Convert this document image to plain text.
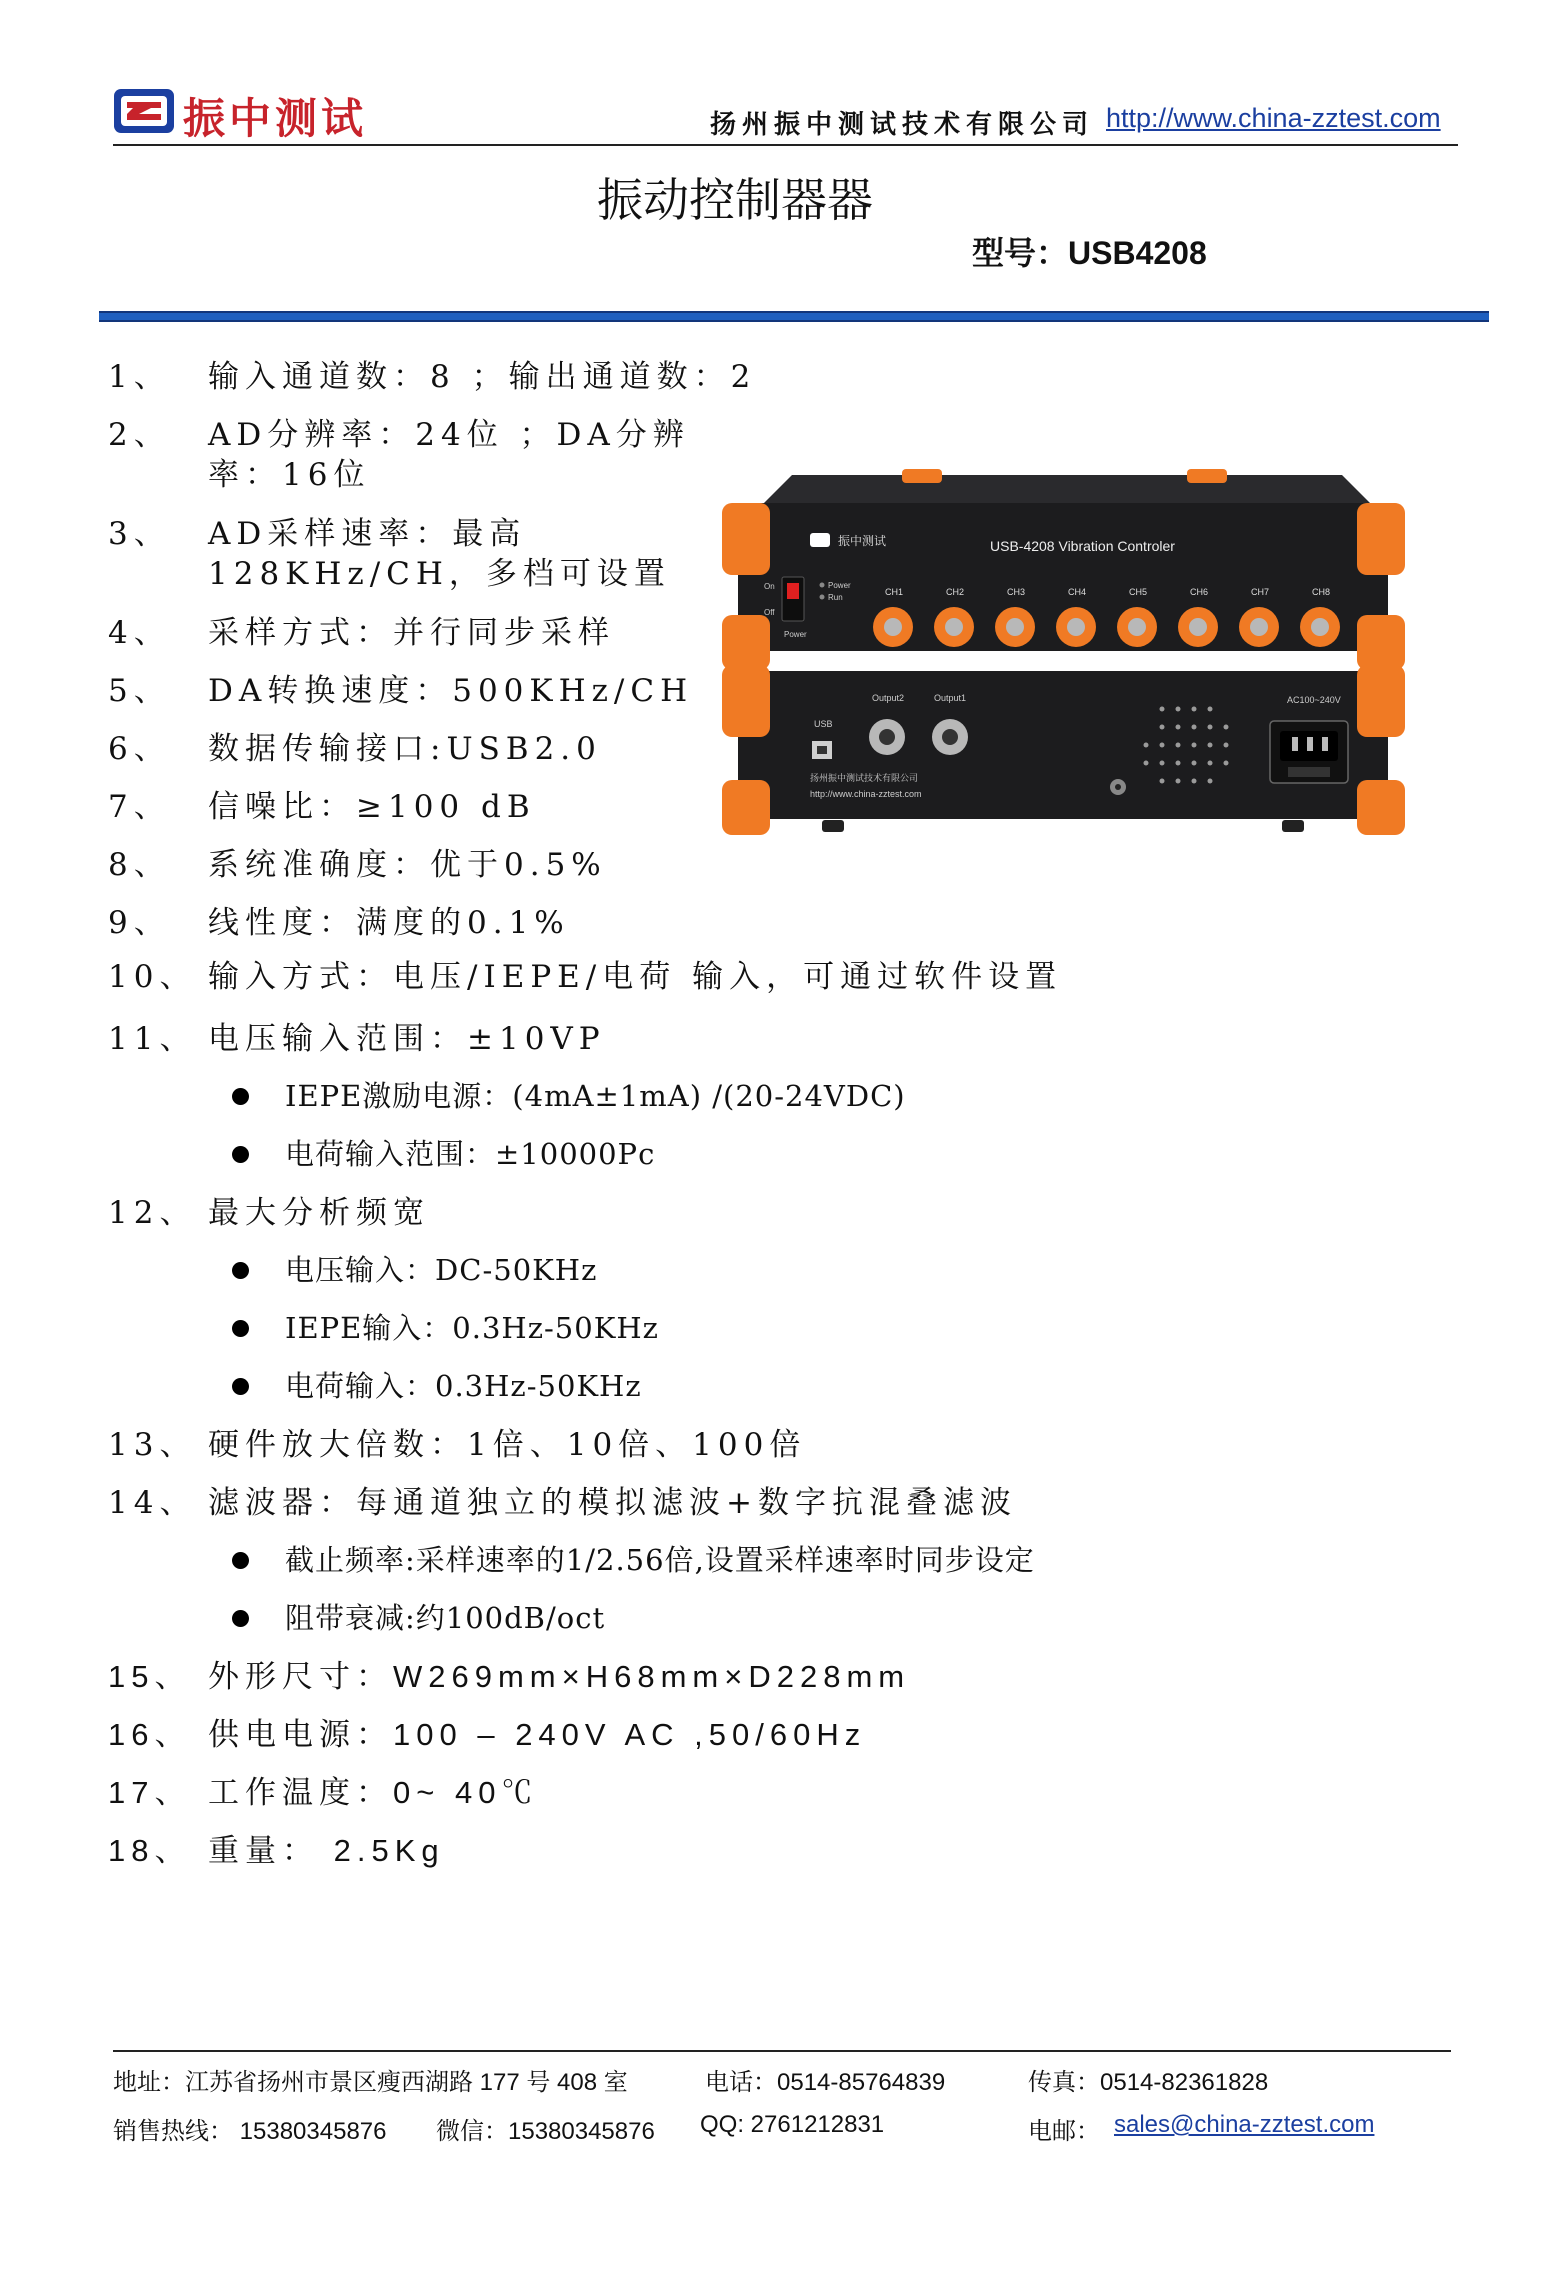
振中测试	扬州振中测试技术有限公司 http://www.china-zztest.com
振动控制器器
型号：USB4208
1、 输入通道数：8 ；输出通道数：2
2、 AD分辨率：24位 ；DA分辨
率：16位
3、 AD采样速率：最高
128KHz/CH，多档可设置
4、 采样方式：并行同步采样
5、 DA转换速度：500KHz/CH
6、 数据传输接口:USB2.0
7、 信噪比：≥100 dB
8、 系统准确度：优于0.5%
9、 线性度：满度的0.1%
10、 输入方式：电压/IEPE/电荷 输入，可通过软件设置
11、 电压输入范围：±10VP
IEPE激励电源：(4mA±1mA) /(20-24VDC)
电荷输入范围：±10000Pc
12、 最大分析频宽
电压输入：DC-50KHz
IEPE输入：0.3Hz-50KHz
电荷输入：0.3Hz-50KHz
13、 硬件放大倍数：1倍、10倍、100倍
14、 滤波器：每通道独立的模拟滤波+数字抗混叠滤波
截止频率:采样速率的1/2.56倍,设置采样速率时同步设定
阻带衰减:约100dB/oct
15、 外形尺寸：W269mm×H68mm×D228mm
16、 供电电源：100 – 240V AC ,50/60Hz
17、 工作温度：0~ 40℃
18、 重量： 2.5Kg
振中测试	USB-4208 Vibration Controler
On
Off
Power
Power
Run
CH1	CH2	CH3	CH4	CH5	CH6	CH7	CH8
USB
Output2	Output1
扬州振中测试技术有限公司
http://www.china-zztest.com
AC100~240V
地址：江苏省扬州市景区瘦西湖路 177 号 408 室	电话：0514-85764839	传真：0514-82361828
销售热线： 15380345876 微信：15380345876 QQ: 2761212831	电邮： sales@china-zztest.com
